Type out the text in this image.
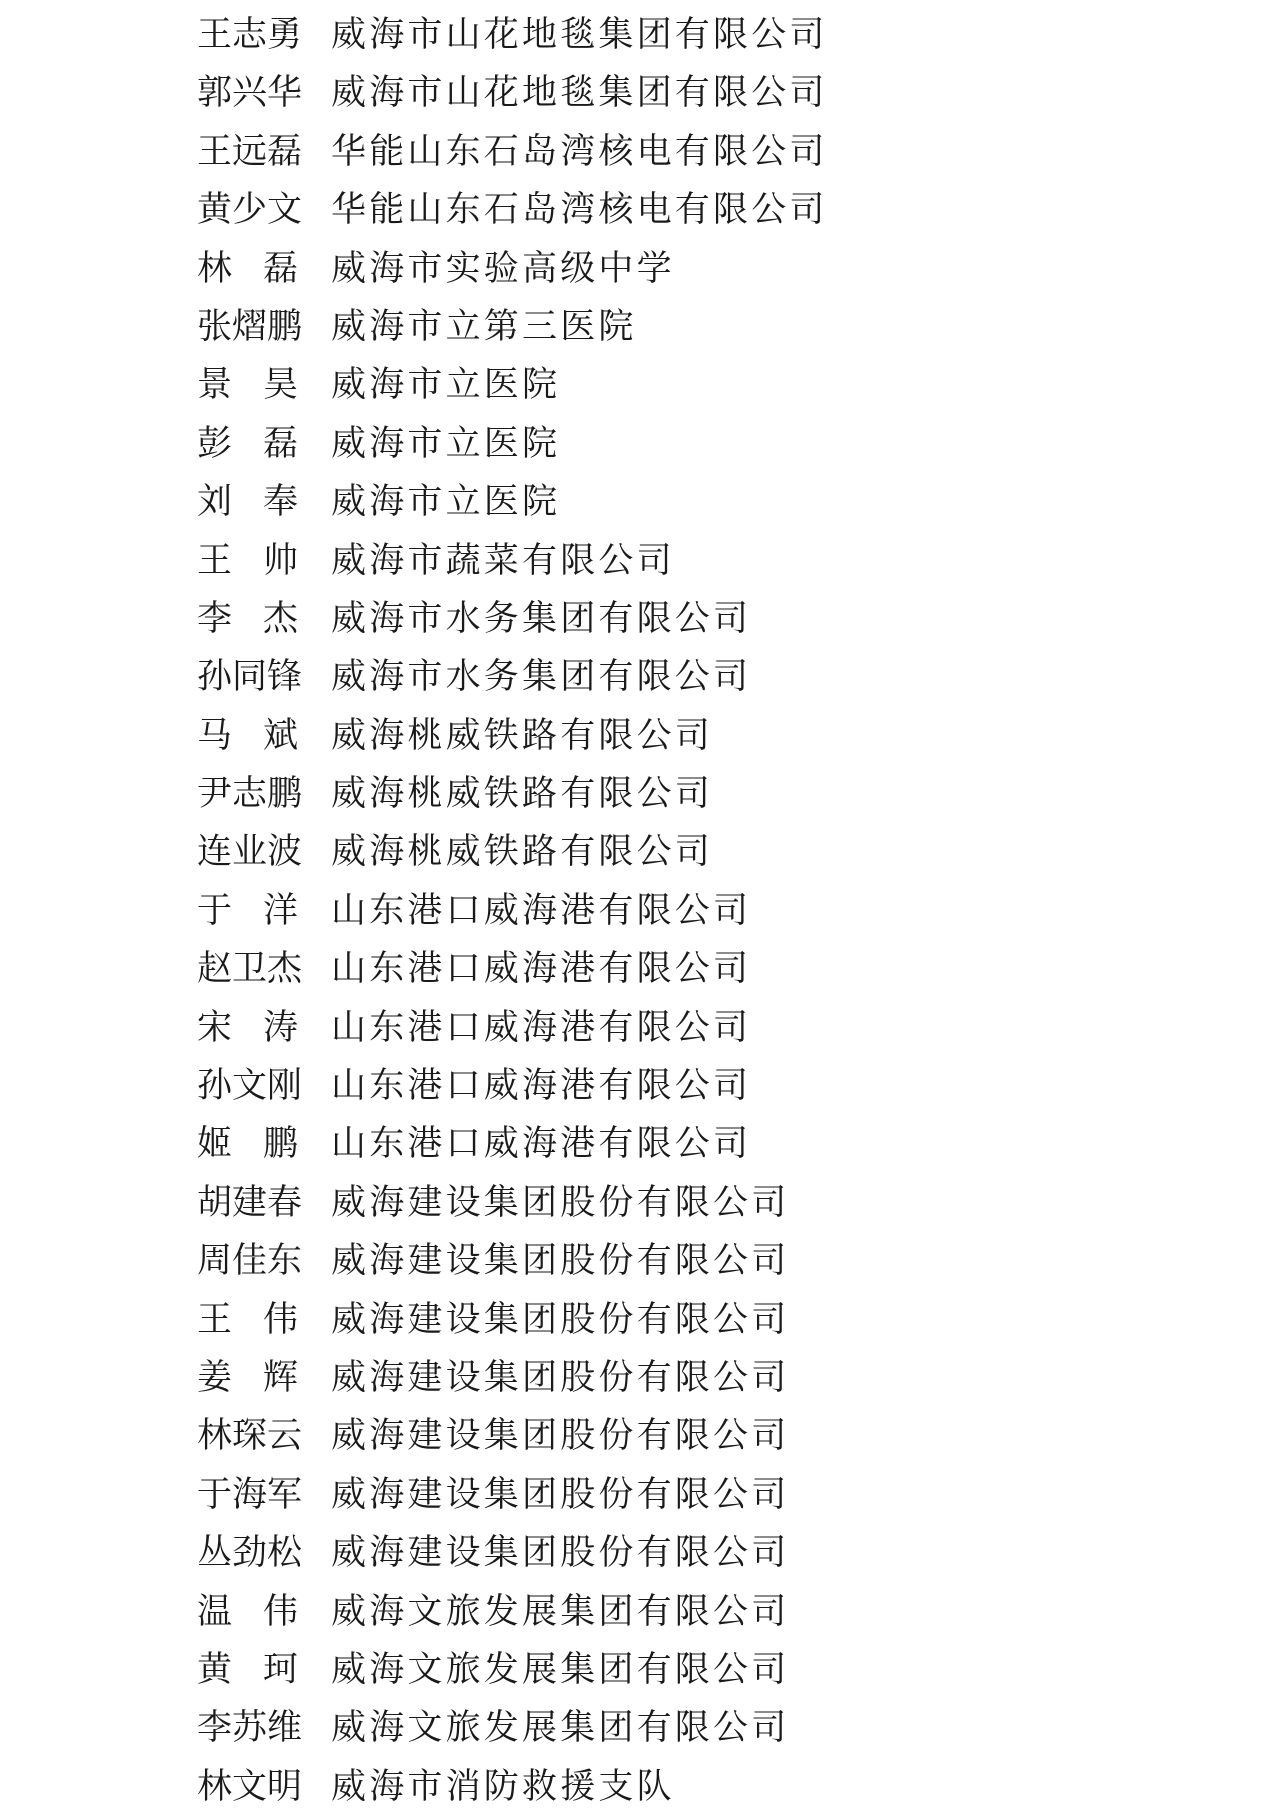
王 志 勇 威海市山花地毯集团有限公司
郭 兴 华 威海市山花地毯集团有限公司
王 远 磊 华能山东石岛湾核电有限公司
黄 少 文 华能山东石岛湾核电有限公司
林 磊 威海市实验高级中学
张 熠 鹏 威海市立第三医院
景 昊 威海市立医院
彭 磊 威海市立医院
刘 奉 威海市立医院
王 帅 威海市蔬菜有限公司
李 杰 威海市水务集团有限公司
孙 同 锋 威海市水务集团有限公司
马 斌 威海桃威铁路有限公司
尹 志 鹏 威海桃威铁路有限公司
连 业 波 威海桃威铁路有限公司
于 洋 山东港口威海港有限公司
赵 卫 杰 山东港口威海港有限公司
宋 涛 山东港口威海港有限公司
孙 文 刚 山东港口威海港有限公司
姬 鹏 山东港口威海港有限公司
胡 建 春 威海建设集团股份有限公司
周 佳 东 威海建设集团股份有限公司
王 伟 威海建设集团股份有限公司
姜 辉 威海建设集团股份有限公司
林 琛 云 威海建设集团股份有限公司
于 海 军 威海建设集团股份有限公司
丛 劲 松 威海建设集团股份有限公司
温 伟 威海文旅发展集团有限公司
黄 珂 威海文旅发展集团有限公司
李 苏 维 威海文旅发展集团有限公司
林 文 明 威海市消防救援支队
